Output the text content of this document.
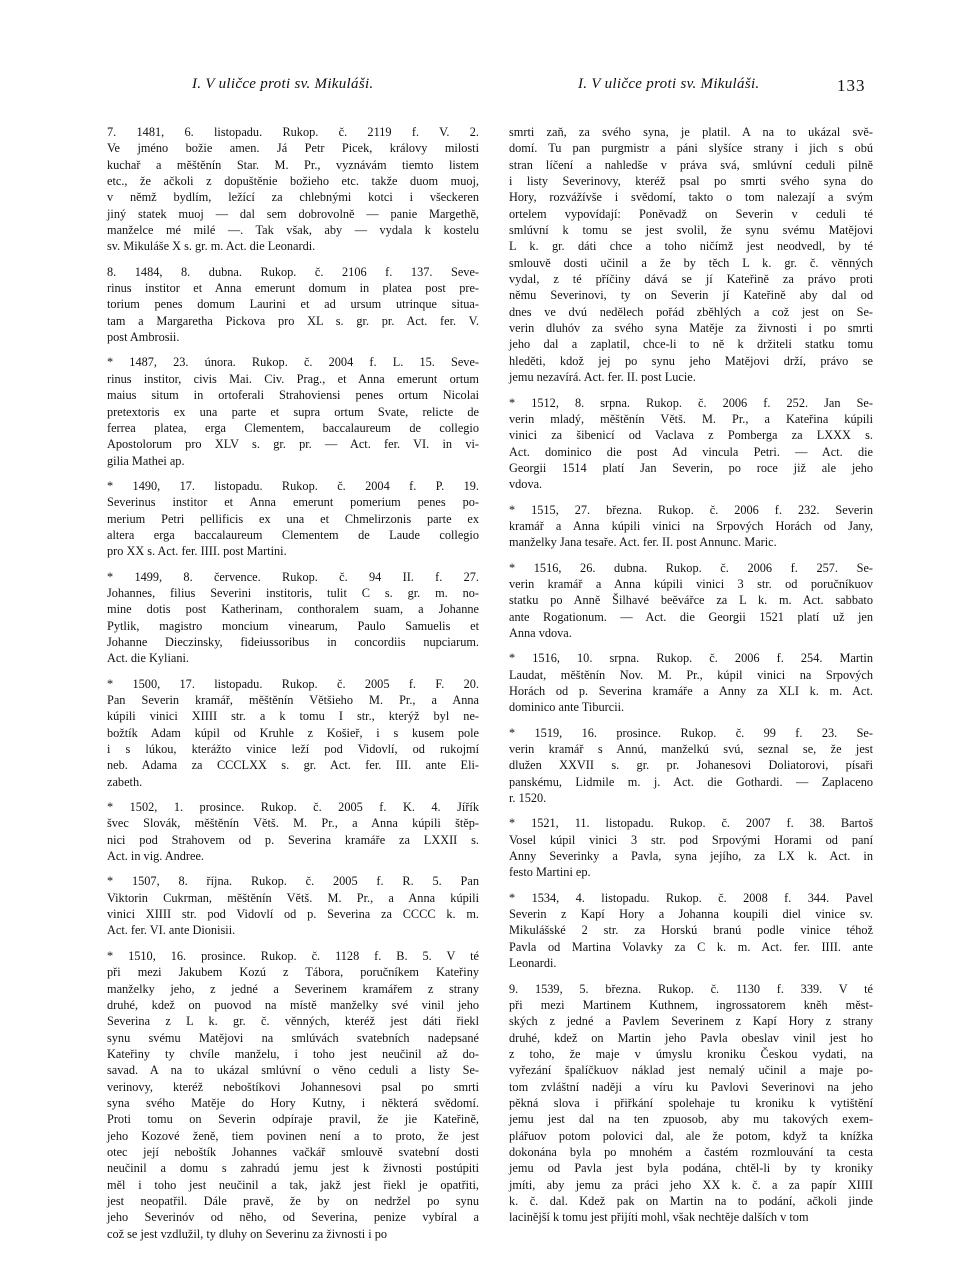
I. V uličce proti sv. Mikuláši.	I. V uličce proti sv. Mikuláši.	133
7. 1481, 6. listopadu. Rukop. č. 2119 f. V. 2.
Ve jméno božie amen. Já Petr Picek, královy milosti
kuchař a měštěnín Star. M. Pr., vyznávám tiemto listem
etc., že ačkoli z dopuštěnie božieho etc. takže duom muoj,
v němž bydlím, ležící za chlebnými kotci i všeckeren
jiný statek muoj — dal sem dobrovolně — panie Margethě,
manželce mé milé —. Tak však, aby — vydala k kostelu
sv. Mikuláše X s. gr. m. Act. die Leonardi.
8. 1484, 8. dubna. Rukop. č. 2106 f. 137. Seve-
rinus institor et Anna emerunt domum in platea post pre-
torium penes domum Laurini et ad ursum utrinque situa-
tam a Margaretha Pickova pro XL s. gr. pr. Act. fer. V.
post Ambrosii.
* 1487, 23. února. Rukop. č. 2004 f. L. 15. Seve-
rinus institor, civis Mai. Civ. Prag., et Anna emerunt ortum
maius situm in ortoferali Strahoviensi penes ortum Nicolai
pretextoris ex una parte et supra ortum Svate, relicte de
ferrea platea, erga Clementem, baccalaureum de collegio
Apostolorum pro XLV s. gr. pr. — Act. fer. VI. in vi-
gilia Mathei ap.
* 1490, 17. listopadu. Rukop. č. 2004 f. P. 19.
Severinus institor et Anna emerunt pomerium penes po-
merium Petri pellificis ex una et Chmelirzonis parte ex
altera erga baccalaureum Clementem de Laude collegio
pro XX s. Act. fer. IIII. post Martini.
* 1499, 8. července. Rukop. č. 94 II. f. 27.
Johannes, filius Severini institoris, tulit C s. gr. m. no-
mine dotis post Katherinam, conthoralem suam, a Johanne
Pytlik, magistro moncium vinearum, Paulo Samuelis et
Johanne Dieczinsky, fideiussoribus in concordiis nupciarum.
Act. die Kyliani.
* 1500, 17. listopadu. Rukop. č. 2005 f. F. 20.
Pan Severin kramář, měštěnín Většieho M. Pr., a Anna
kúpili vinici XIIII str. a k tomu I str., kterýž byl ne-
božtík Adam kúpil od Kruhle z Košieř, i s kusem pole
i s lúkou, kterážto vinice leží pod Vidovlí, od rukojmí
neb. Adama za CCCLXX s. gr. Act. fer. III. ante Eli-
zabeth.
* 1502, 1. prosince. Rukop. č. 2005 f. K. 4. Jířík
švec Slovák, měštěnín Větš. M. Pr., a Anna kúpili štěp-
nici pod Strahovem od p. Severina kramáře za LXXII s.
Act. in vig. Andree.
* 1507, 8. října. Rukop. č. 2005 f. R. 5. Pan
Viktorin Cukrman, měštěnín Větš. M. Pr., a Anna kúpili
vinici XIIII str. pod Vidovlí od p. Severina za CCCC k. m.
Act. fer. VI. ante Dionisii.
* 1510, 16. prosince. Rukop. č. 1128 f. B. 5. V té
při mezi Jakubem Kozú z Tábora, poručníkem Kateřiny
manželky jeho, z jedné a Severinem kramářem z strany
druhé, kdež on puovod na místě manželky své vinil jeho
Severina z L k. gr. č. věnných, kteréž jest dáti řiekl
synu svému Matějovi na smlúvách svatebních nadepsané
Kateřiny ty chvíle manželu, i toho jest neučinil až do-
savad. A na to ukázal smlúvní o věno ceduli a listy Se-
verinovy, kteréž neboštíkovi Johannesovi psal po smrti
syna svého Matěje do Hory Kutny, i některá svědomí.
Proti tomu on Severin odpíraje pravil, že jie Kateřině,
jeho Kozové ženě, tiem povinen není a to proto, že jest
otec její neboštík Johannes vačkář smlouvě svatební dosti
neučinil a domu s zahradú jemu jest k živnosti postúpiti
měl i toho jest neučinil a tak, jakž jest řiekl je opatřiti,
jest neopatřil. Dále pravě, že by on nedržel po synu
jeho Severinóv od něho, od Severina, penize vybíral a
což se jest vzdlužil, ty dluhy on Severinu za živnosti i po
smrti zaň, za svého syna, je platil. A na to ukázal svě-
domí. Tu pan purgmistr a páni slyšíce strany i jich s obú
stran líčení a nahledše v práva svá, smlúvní ceduli pilně
i listy Severinovy, kteréž psal po smrti svého syna do
Hory, rozvážívše i svědomí, takto o tom nalezají a svým
ortelem vypovídají: Poněvadž on Severin v ceduli té
smlúvní k tomu se jest svolil, že synu svému Matějovi
L k. gr. dáti chce a toho ničímž jest neodvedl, by té
smlouvě dosti učinil a že by těch L k. gr. č. věnných
vydal, z té příčiny dává se jí Kateřině za právo proti
němu Severinovi, ty on Severin jí Kateřině aby dal od
dnes ve dvú nedělech pořád zběhlých a což jest on Se-
verin dluhóv za svého syna Matěje za živnosti i po smrti
jeho dal a zaplatil, chce-li to ně k držiteli statku tomu
hleděti, kdož jej po synu jeho Matějovi drží, právo se
jemu nezavírá. Act. fer. II. post Lucie.
* 1512, 8. srpna. Rukop. č. 2006 f. 252. Jan Se-
verin mladý, měštěnín Větš. M. Pr., a Kateřina kúpili
vinici za šibenicí od Vaclava z Pomberga za LXXX s.
Act. dominico die post Ad vincula Petri. — Act. die
Georgii 1514 platí Jan Severin, po roce již ale jeho
vdova.
* 1515, 27. března. Rukop. č. 2006 f. 232. Severin
kramář a Anna kúpili vinici na Srpových Horách od Jany,
manželky Jana tesaře. Act. fer. II. post Annunc. Maric.
* 1516, 26. dubna. Rukop. č. 2006 f. 257. Se-
verin kramář a Anna kúpili vinici 3 str. od poručníkuov
statku po Anně Šilhavé beěvářce za L k. m. Act. sabbato
ante Rogationum. — Act. die Georgii 1521 platí už jen
Anna vdova.
* 1516, 10. srpna. Rukop. č. 2006 f. 254. Martin
Laudat, měštěnín Nov. M. Pr., kúpil vinici na Srpových
Horách od p. Severina kramáře a Anny za XLI k. m. Act.
dominico ante Tiburcii.
* 1519, 16. prosince. Rukop. č. 99 f. 23. Se-
verin kramář s Annú, manželkú svú, seznal se, že jest
dlužen XXVII s. gr. pr. Johanesovi Doliatorovi, písaři
panskému, Lidmile m. j. Act. die Gothardi. — Zaplaceno
r. 1520.
* 1521, 11. listopadu. Rukop. č. 2007 f. 38. Bartoš
Vosel kúpil vinici 3 str. pod Srpovými Horami od paní
Anny Severinky a Pavla, syna jejího, za LX k. Act. in
festo Martini ep.
* 1534, 4. listopadu. Rukop. č. 2008 f. 344. Pavel
Severin z Kapí Hory a Johanna koupili diel vinice sv.
Mikulášské 2 str. za Horskú branú podle vinice téhož
Pavla od Martina Volavky za C k. m. Act. fer. IIII. ante
Leonardi.
9. 1539, 5. března. Rukop. č. 1130 f. 339. V té
při mezi Martinem Kuthnem, ingrossatorem kněh měst-
ských z jedné a Pavlem Severinem z Kapí Hory z strany
druhé, kdež on Martin jeho Pavla obeslav vinil jest ho
z toho, že maje v úmyslu kroniku Českou vydati, na
vyřezání špalíčkuov náklad jest nemalý učinil a maje po-
tom zvláštní naději a víru ku Pavlovi Severinovi na jeho
pěkná slova i přiřkání spolehaje tu kroniku k vytištění
jemu jest dal na ten zpuosob, aby mu takových exem-
plářuov potom polovici dal, ale že potom, když ta knížka
dokonána byla po mnohém a častém rozmlouvání ta cesta
jemu od Pavla jest byla podána, chtěl-li by ty kroniky
jmíti, aby jemu za práci jeho XX k. č. a za papír XIIII
k. č. dal. Kdež pak on Martin na to podání, ačkoli jinde
lacinější k tomu jest přijíti mohl, však nechtěje dalších v tom
